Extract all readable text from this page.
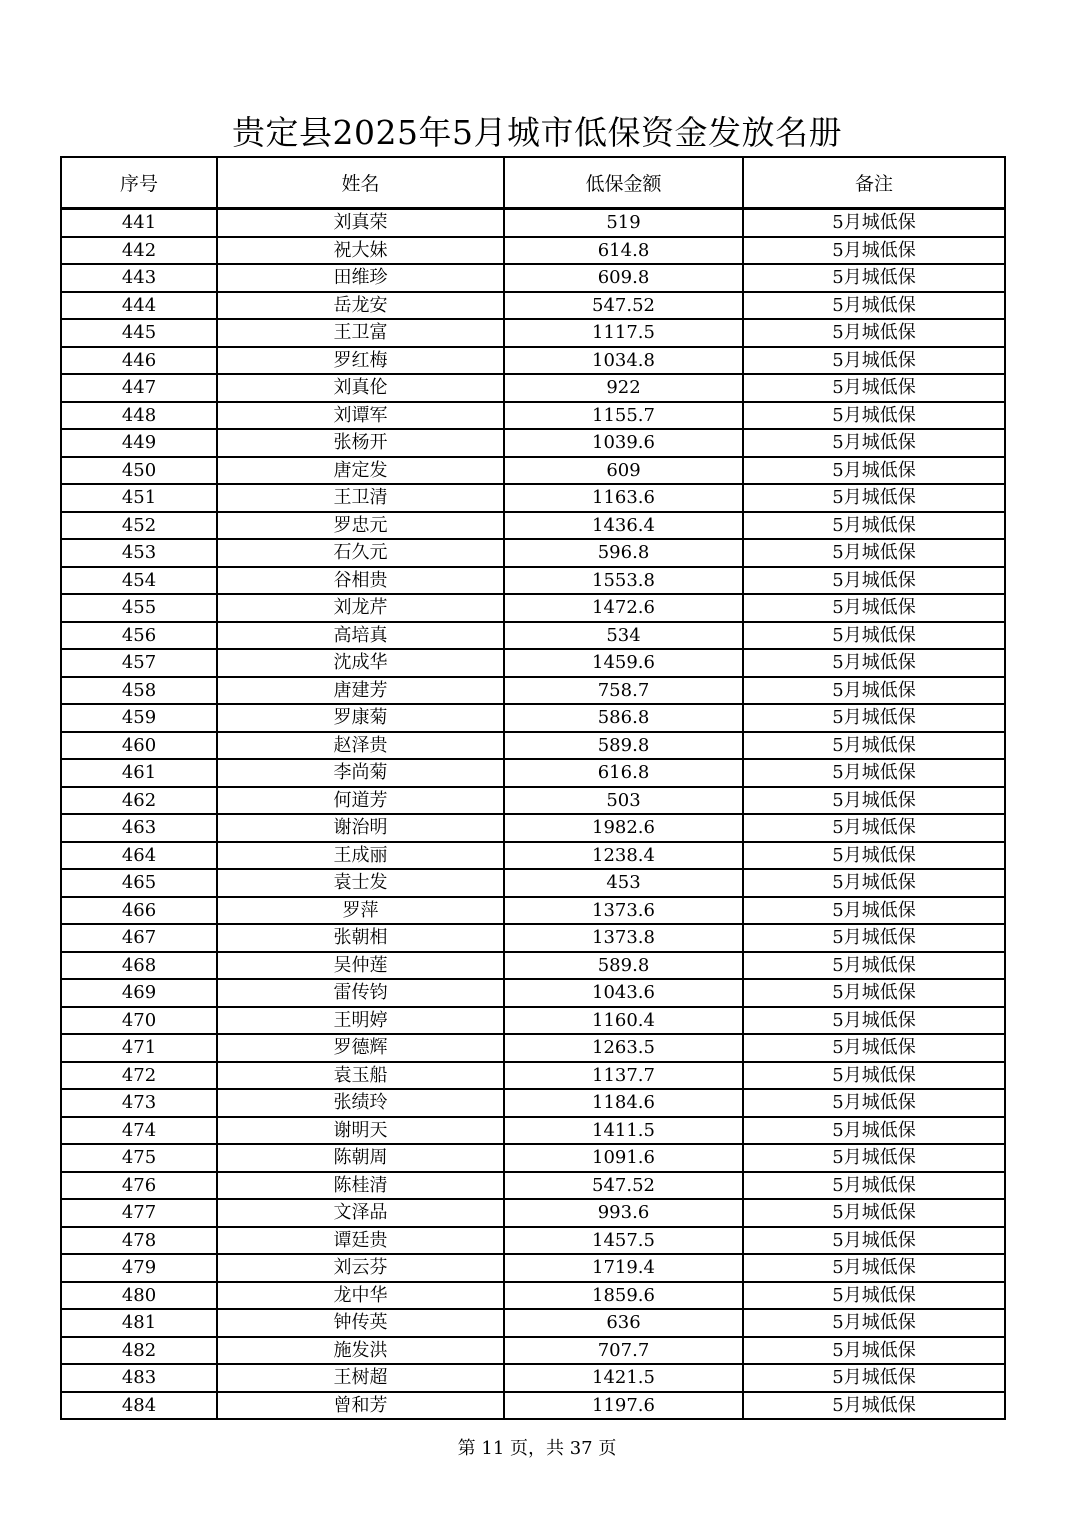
贵定县2025年5月城市低保资金发放名册
序号	姓名	低保金额	备注
441	刘真荣	519	5月城低保
442	祝大妹	614.8	5月城低保
443	田维珍	609.8	5月城低保
444	岳龙安	547.52	5月城低保
445	王卫富	1117.5	5月城低保
446	罗红梅	1034.8	5月城低保
447	刘真伦	922	5月城低保
448	刘谭军	1155.7	5月城低保
449	张杨开	1039.6	5月城低保
450	唐定发	609	5月城低保
451	王卫清	1163.6	5月城低保
452	罗忠元	1436.4	5月城低保
453	石久元	596.8	5月城低保
454	谷相贵	1553.8	5月城低保
455	刘龙芹	1472.6	5月城低保
456	高培真	534	5月城低保
457	沈成华	1459.6	5月城低保
458	唐建芳	758.7	5月城低保
459	罗康菊	586.8	5月城低保
460	赵泽贵	589.8	5月城低保
461	李尚菊	616.8	5月城低保
462	何道芳	503	5月城低保
463	谢治明	1982.6	5月城低保
464	王成丽	1238.4	5月城低保
465	袁士发	453	5月城低保
466	罗萍	1373.6	5月城低保
467	张朝相	1373.8	5月城低保
468	吴仲莲	589.8	5月城低保
469	雷传钧	1043.6	5月城低保
470	王明婷	1160.4	5月城低保
471	罗德辉	1263.5	5月城低保
472	袁玉船	1137.7	5月城低保
473	张绩玲	1184.6	5月城低保
474	谢明天	1411.5	5月城低保
475	陈朝周	1091.6	5月城低保
476	陈桂清	547.52	5月城低保
477	文泽品	993.6	5月城低保
478	谭廷贵	1457.5	5月城低保
479	刘云芬	1719.4	5月城低保
480	龙中华	1859.6	5月城低保
481	钟传英	636	5月城低保
482	施发洪	707.7	5月城低保
483	王树超	1421.5	5月城低保
484	曾和芳	1197.6	5月城低保
第 11 页，共 37 页
